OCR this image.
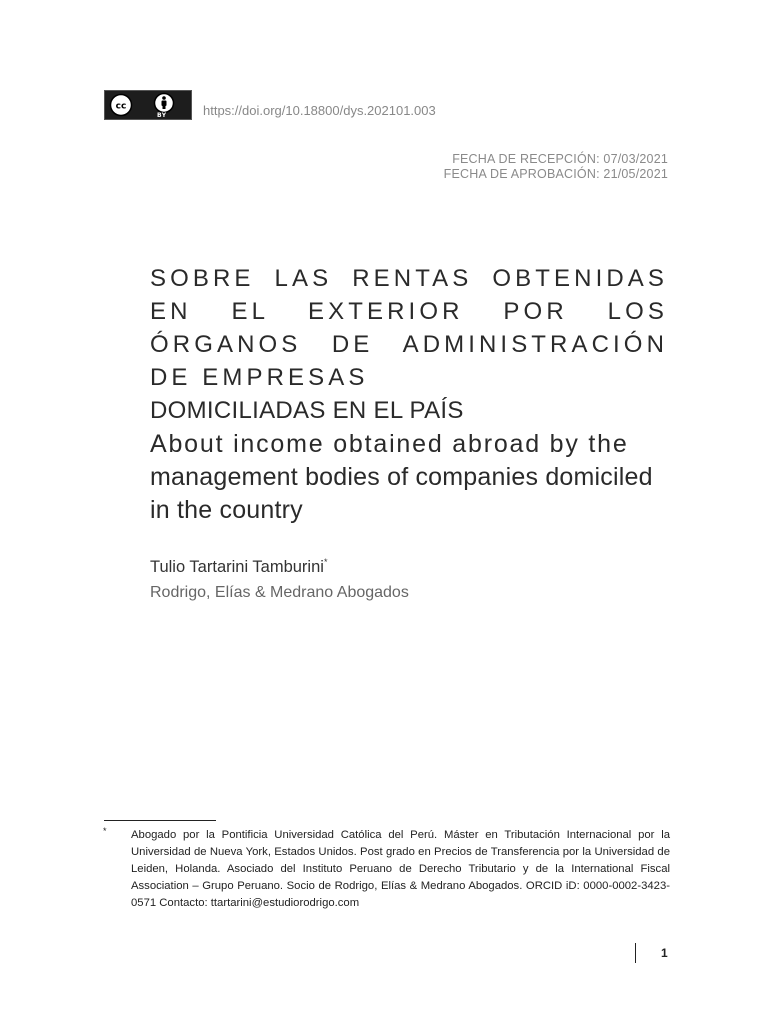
cc
BY	https://doi.org/10.18800/dys.202101.003
FECHA DE RECEPCIÓN: 07/03/2021
FECHA DE APROBACIÓN: 21/05/2021
SOBRE LAS RENTAS OBTENIDAS EN EL EXTERIOR POR LOS ÓRGANOS DE ADMINISTRACIÓN DE EMPRESAS
DOMICILIADAS EN EL PAÍS
About income obtained abroad by the
management bodies of companies domiciled in the country
Tulio Tartarini Tamburini*
Rodrigo, Elías & Medrano Abogados
* Abogado por la Pontificia Universidad Católica del Perú. Máster en Tributación Internacional por la Universidad de Nueva York, Estados Unidos. Post grado en Precios de Transferencia por la Universidad de Leiden, Holanda. Asociado del Instituto Peruano de Derecho Tributario y de la International Fiscal Association – Grupo Peruano. Socio de Rodrigo, Elías & Medrano Abogados. ORCID iD: 0000-0002-3423-0571 Contacto: ttartarini@estudiorodrigo.com

1
